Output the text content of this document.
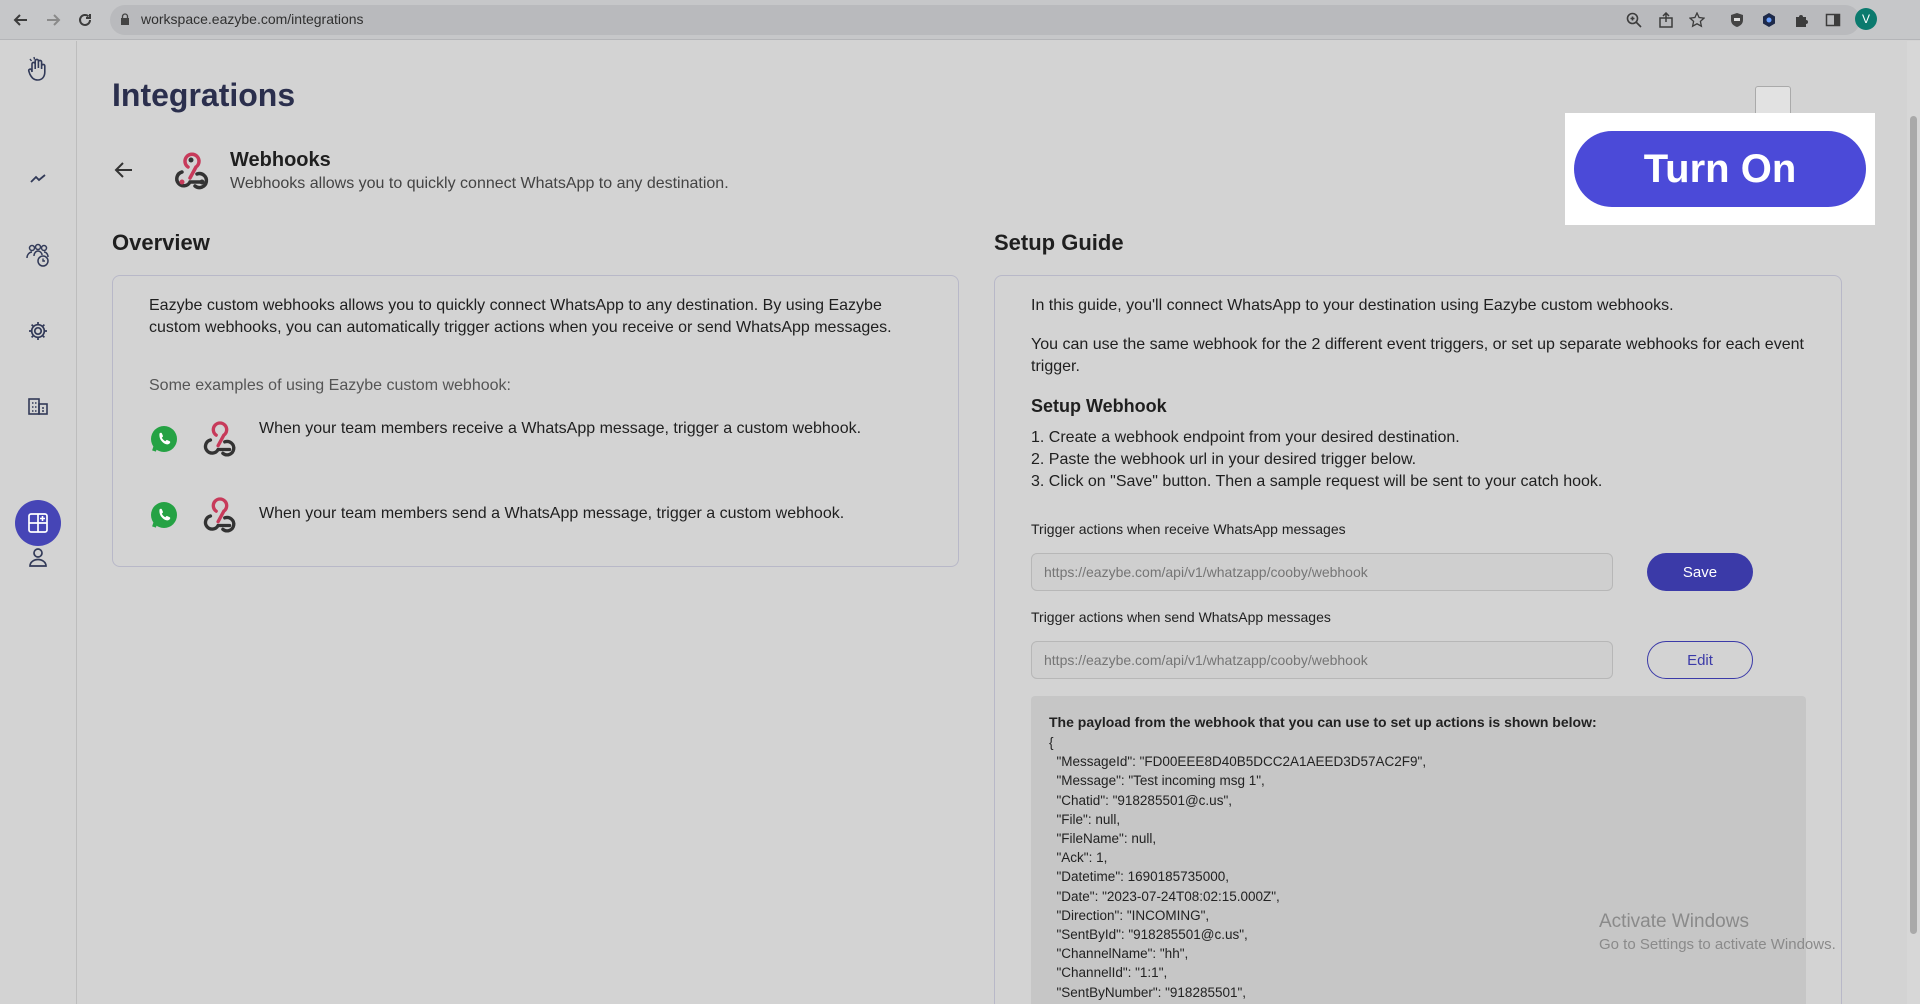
workspace.eazybe.com/integrations	V
Integrations
Turn On
Webhooks
Webhooks allows you to quickly connect WhatsApp to any destination.
Overview
Eazybe custom webhooks allows you to quickly connect WhatsApp to any destination. By using Eazybe custom webhooks, you can automatically trigger actions when you receive or send WhatsApp messages.
Some examples of using Eazybe custom webhook:
When your team members receive a WhatsApp message, trigger a custom webhook.
When your team members send a WhatsApp message, trigger a custom webhook.
Setup Guide
In this guide, you'll connect WhatsApp to your destination using Eazybe custom webhooks.
You can use the same webhook for the 2 different event triggers, or set up separate webhooks for each event trigger.
Setup Webhook
1. Create a webhook endpoint from your desired destination.
2. Paste the webhook url in your desired trigger below.
3. Click on "Save" button. Then a sample request will be sent to your catch hook.
Trigger actions when receive WhatsApp messages
https://eazybe.com/api/v1/whatzapp/cooby/webhook
Save
Trigger actions when send WhatsApp messages
https://eazybe.com/api/v1/whatzapp/cooby/webhook
Edit
The payload from the webhook that you can use to set up actions is shown below:
{
"MessageId": "FD00EEE8D40B5DCC2A1AEED3D57AC2F9",
"Message": "Test incoming msg 1",
"Chatid": "918285501@c.us",
"File": null,
"FileName": null,
"Ack": 1,
"Datetime": 1690185735000,
"Date": "2023-07-24T08:02:15.000Z",
"Direction": "INCOMING",
"SentById": "918285501@c.us",
"ChannelName": "hh",
"ChannelId": "1:1",
"SentByNumber": "918285501",
Activate Windows
Go to Settings to activate Windows.
